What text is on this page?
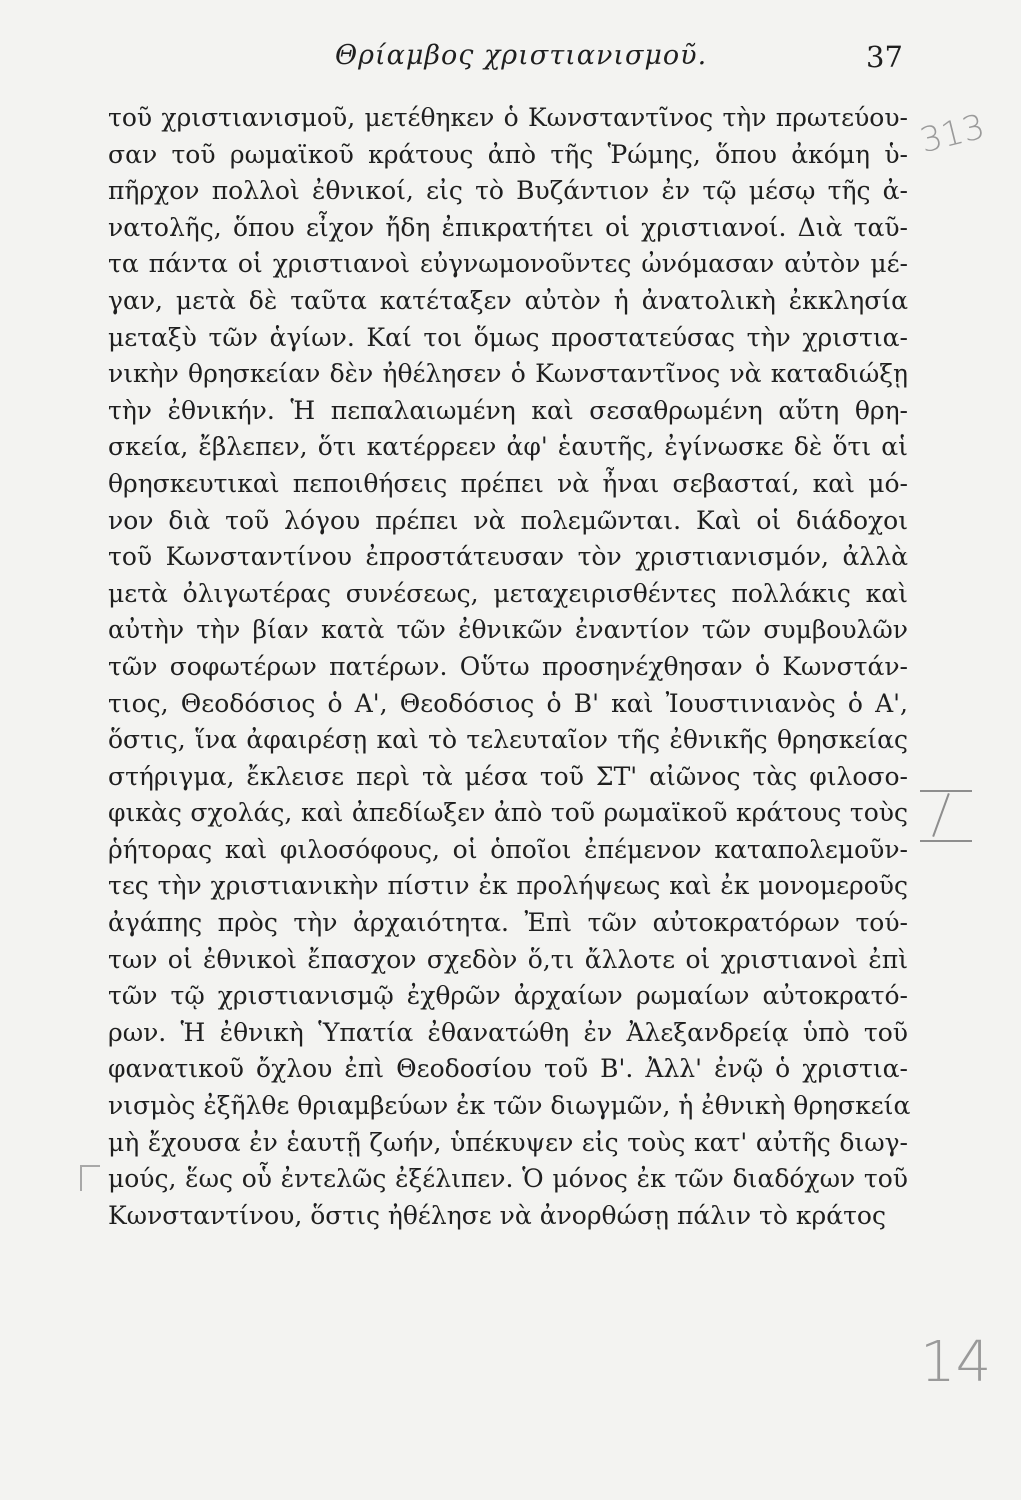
Θρίαμβος χριστιανισμοῦ.	37
τοῦ χριστιανισμοῦ, μετέθηκεν ὁ Κωνσταντῖνος τὴν πρωτεύου-
σαν τοῦ ρωμαϊκοῦ κράτους ἀπὸ τῆς Ῥώμης, ὅπου ἀκόμη ὑ-
πῆρχον πολλοὶ ἐθνικοί, εἰς τὸ Βυζάντιον ἐν τῷ μέσῳ τῆς ἀ-
νατολῆς, ὅπου εἶχον ἤδη ἐπικρατήτει οἱ χριστιανοί. Διὰ ταῦ-
τα πάντα οἱ χριστιανοὶ εὐγνωμονοῦντες ὠνόμασαν αὐτὸν μέ-
γαν, μετὰ δὲ ταῦτα κατέταξεν αὐτὸν ἡ ἀνατολικὴ ἐκκλησία
μεταξὺ τῶν ἁγίων. Καί τοι ὅμως προστατεύσας τὴν χριστια-
νικὴν θρησκείαν δὲν ἠθέλησεν ὁ Κωνσταντῖνος νὰ καταδιώξῃ
τὴν ἐθνικήν. Ἡ πεπαλαιωμένη καὶ σεσαθρωμένη αὕτη θρη-
σκεία, ἔβλεπεν, ὅτι κατέρρεεν ἀφ' ἑαυτῆς, ἐγίνωσκε δὲ ὅτι αἱ
θρησκευτικαὶ πεποιθήσεις πρέπει νὰ ἦναι σεβασταί, καὶ μό-
νον διὰ τοῦ λόγου πρέπει νὰ πολεμῶνται. Καὶ οἱ διάδοχοι
τοῦ Κωνσταντίνου ἐπροστάτευσαν τὸν χριστιανισμόν, ἀλλὰ
μετὰ ὀλιγωτέρας συνέσεως, μεταχειρισθέντες πολλάκις καὶ
αὐτὴν τὴν βίαν κατὰ τῶν ἐθνικῶν ἐναντίον τῶν συμβουλῶν
τῶν σοφωτέρων πατέρων. Οὕτω προσηνέχθησαν ὁ Κωνστάν-
τιος, Θεοδόσιος ὁ Α', Θεοδόσιος ὁ Β' καὶ Ἰουστινιανὸς ὁ Α',
ὅστις, ἵνα ἀφαιρέσῃ καὶ τὸ τελευταῖον τῆς ἐθνικῆς θρησκείας
στήριγμα, ἔκλεισε περὶ τὰ μέσα τοῦ ΣΤ' αἰῶνος τὰς φιλοσο-
φικὰς σχολάς, καὶ ἀπεδίωξεν ἀπὸ τοῦ ρωμαϊκοῦ κράτους τοὺς
ῥήτορας καὶ φιλοσόφους, οἱ ὁποῖοι ἐπέμενον καταπολεμοῦν-
τες τὴν χριστιανικὴν πίστιν ἐκ προλήψεως καὶ ἐκ μονομεροῦς
ἀγάπης πρὸς τὴν ἀρχαιότητα. Ἐπὶ τῶν αὐτοκρατόρων τού-
των οἱ ἐθνικοὶ ἔπασχον σχεδὸν ὅ,τι ἄλλοτε οἱ χριστιανοὶ ἐπὶ
τῶν τῷ χριστιανισμῷ ἐχθρῶν ἀρχαίων ρωμαίων αὐτοκρατό-
ρων. Ἡ ἐθνικὴ Ὑπατία ἐθανατώθη ἐν Ἀλεξανδρείᾳ ὑπὸ τοῦ
φανατικοῦ ὄχλου ἐπὶ Θεοδοσίου τοῦ Β'. Ἀλλ' ἐνῷ ὁ χριστια-
νισμὸς ἐξῆλθε θριαμβεύων ἐκ τῶν διωγμῶν, ἡ ἐθνικὴ θρησκεία
μὴ ἔχουσα ἐν ἑαυτῇ ζωήν, ὑπέκυψεν εἰς τοὺς κατ' αὐτῆς διωγ-
μούς, ἕως οὗ ἐντελῶς ἐξέλιπεν. Ὁ μόνος ἐκ τῶν διαδόχων τοῦ
Κωνσταντίνου, ὅστις ἠθέλησε νὰ ἀνορθώσῃ πάλιν τὸ κράτος
313
14
